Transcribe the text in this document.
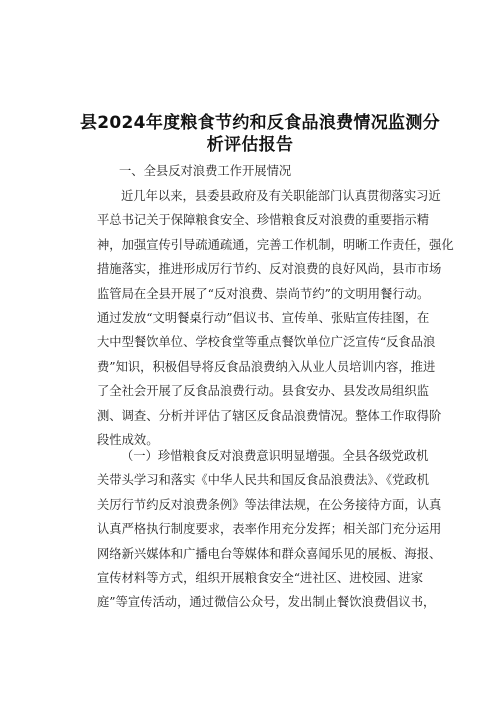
县2024年度粮食节约和反食品浪费情况监测分
析评估报告
一、全县反对浪费工作开展情况
近几年以来，县委县政府及有关职能部门认真贯彻落实习近
平总书记关于保障粮食安全、珍惜粮食反对浪费的重要指示精
神，加强宣传引导疏通疏通，完善工作机制，明晰工作责任，强化
措施落实，推进形成厉行节约、反对浪费的良好风尚，县市市场
监管局在全县开展了“反对浪费、崇尚节约”的文明用餐行动。
通过发放“文明餐桌行动”倡议书、宣传单、张贴宣传挂图，在
大中型餐饮单位、学校食堂等重点餐饮单位广泛宣传“反食品浪
费”知识，积极倡导将反食品浪费纳入从业人员培训内容，推进
了全社会开展了反食品浪费行动。县食安办、县发改局组织监
测、调查、分析并评估了辖区反食品浪费情况。整体工作取得阶
段性成效。
（一）珍惜粮食反对浪费意识明显增强。全县各级党政机
关带头学习和落实《中华人民共和国反食品浪费法》、《党政机
关厉行节约反对浪费条例》等法律法规，在公务接待方面，认真
认真严格执行制度要求，表率作用充分发挥；相关部门充分运用
网络新兴媒体和广播电台等媒体和群众喜闻乐见的展板、海报、
宣传材料等方式，组织开展粮食安全“进社区、进校园、进家
庭”等宣传活动，通过微信公众号，发出制止餐饮浪费倡议书，
